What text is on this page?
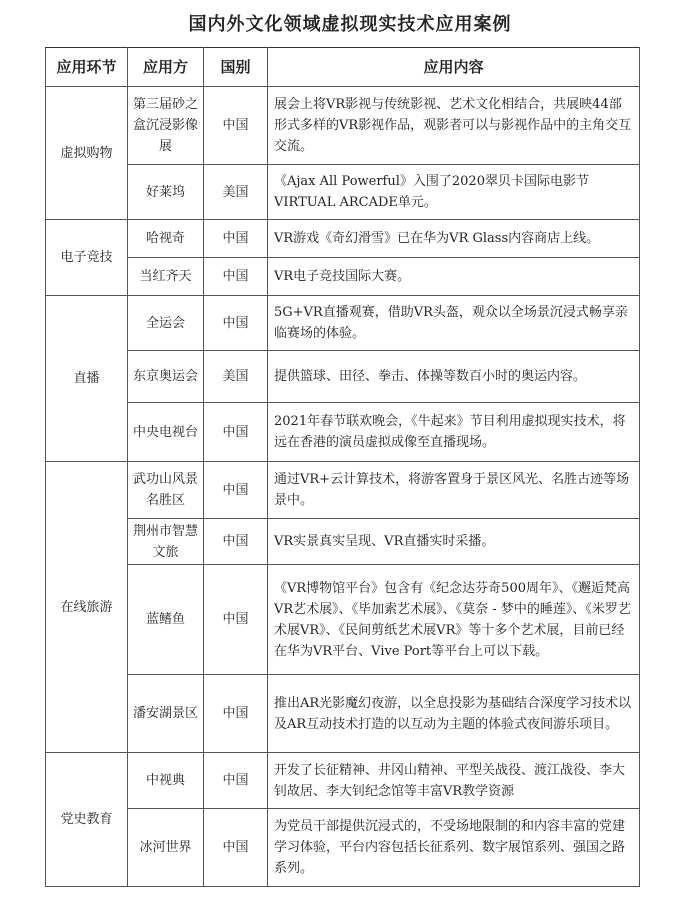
国内外文化领域虚拟现实技术应用案例
应用环节	应用方	国别	应用内容
虚拟购物	第三届砂之盒沉浸影像展	中国	展会上将VR影视与传统影视、艺术文化相结合，共展映44部形式多样的VR影视作品，观影者可以与影视作品中的主角交互交流。
	好莱坞	美国	《Ajax All Powerful》入围了2020翠贝卡国际电影节VIRTUAL ARCADE单元。
电子竞技	哈视奇	中国	VR游戏《奇幻滑雪》已在华为VR Glass内容商店上线。
	当红齐天	中国	VR电子竞技国际大赛。
直播	全运会	中国	5G+VR直播观赛，借助VR头盔，观众以全场景沉浸式畅享亲临赛场的体验。
	东京奥运会	美国	提供篮球、田径、拳击、体操等数百小时的奥运内容。
	中央电视台	中国	2021年春节联欢晚会，《牛起来》节目利用虚拟现实技术，将远在香港的演员虚拟成像至直播现场。
在线旅游	武功山风景名胜区	中国	通过VR+云计算技术，将游客置身于景区风光、名胜古迹等场景中。
	荆州市智慧文旅	中国	VR实景真实呈现、VR直播实时采播。
	蓝鳍鱼	中国	《VR博物馆平台》包含有《纪念达芬奇500周年》、《邂逅梵高VR艺术展》、《毕加索艺术展》、《莫奈 - 梦中的睡莲》、《米罗艺术展VR》、《民间剪纸艺术展VR》等十多个艺术展，目前已经在华为VR平台、Vive Port等平台上可以下载。
	潘安湖景区	中国	推出AR光影魔幻夜游，以全息投影为基础结合深度学习技术以及AR互动技术打造的以互动为主题的体验式夜间游乐项目。
党史教育	中视典	中国	开发了长征精神、井冈山精神、平型关战役、渡江战役、李大钊故居、李大钊纪念馆等丰富VR教学资源
	冰河世界	中国	为党员干部提供沉浸式的，不受场地限制的和内容丰富的党建学习体验，平台内容包括长征系列、数字展馆系列、强国之路系列。
